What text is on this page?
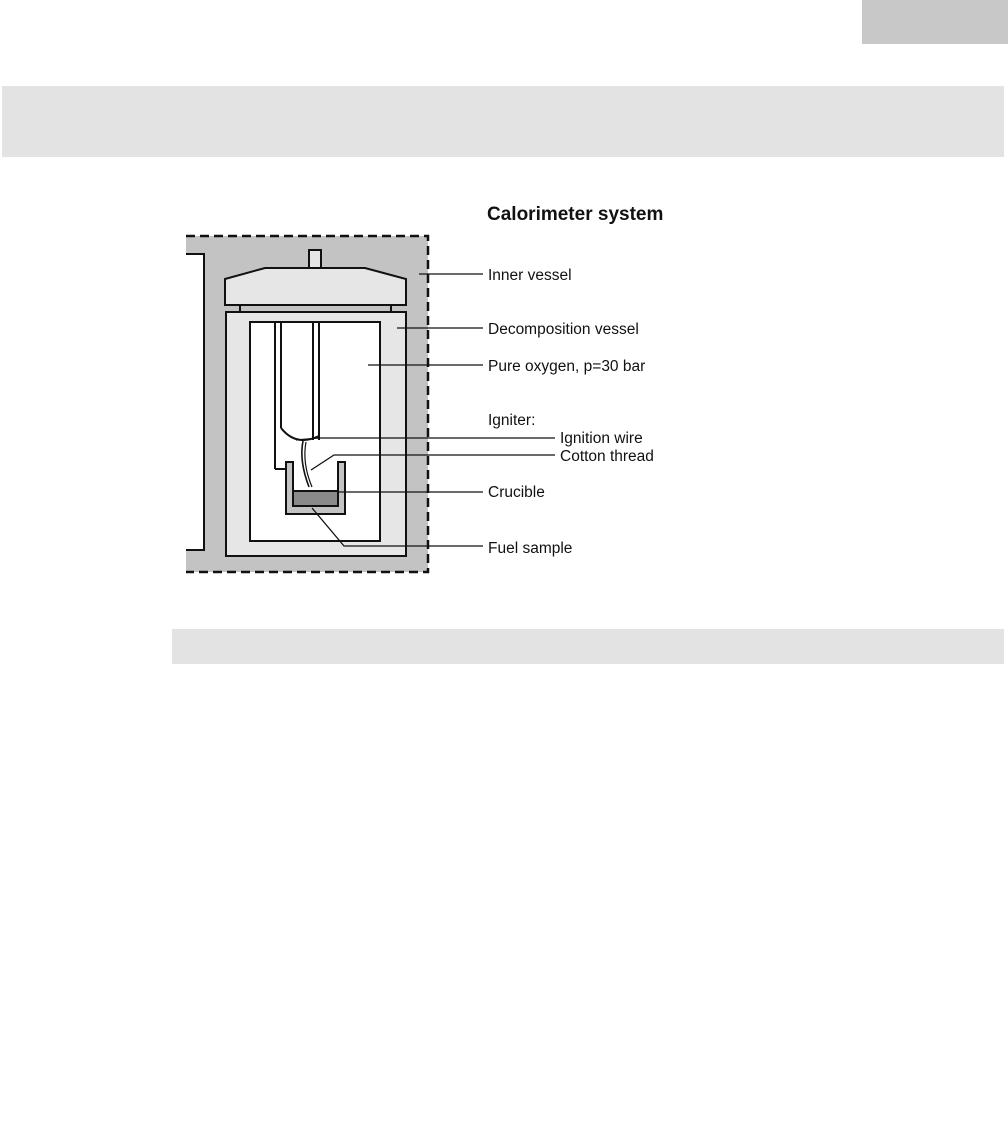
Calorimeter system
Inner vessel
Decomposition vessel
Pure oxygen, p=30 bar
Igniter:
Ignition wire
Cotton thread
Crucible
Fuel sample
